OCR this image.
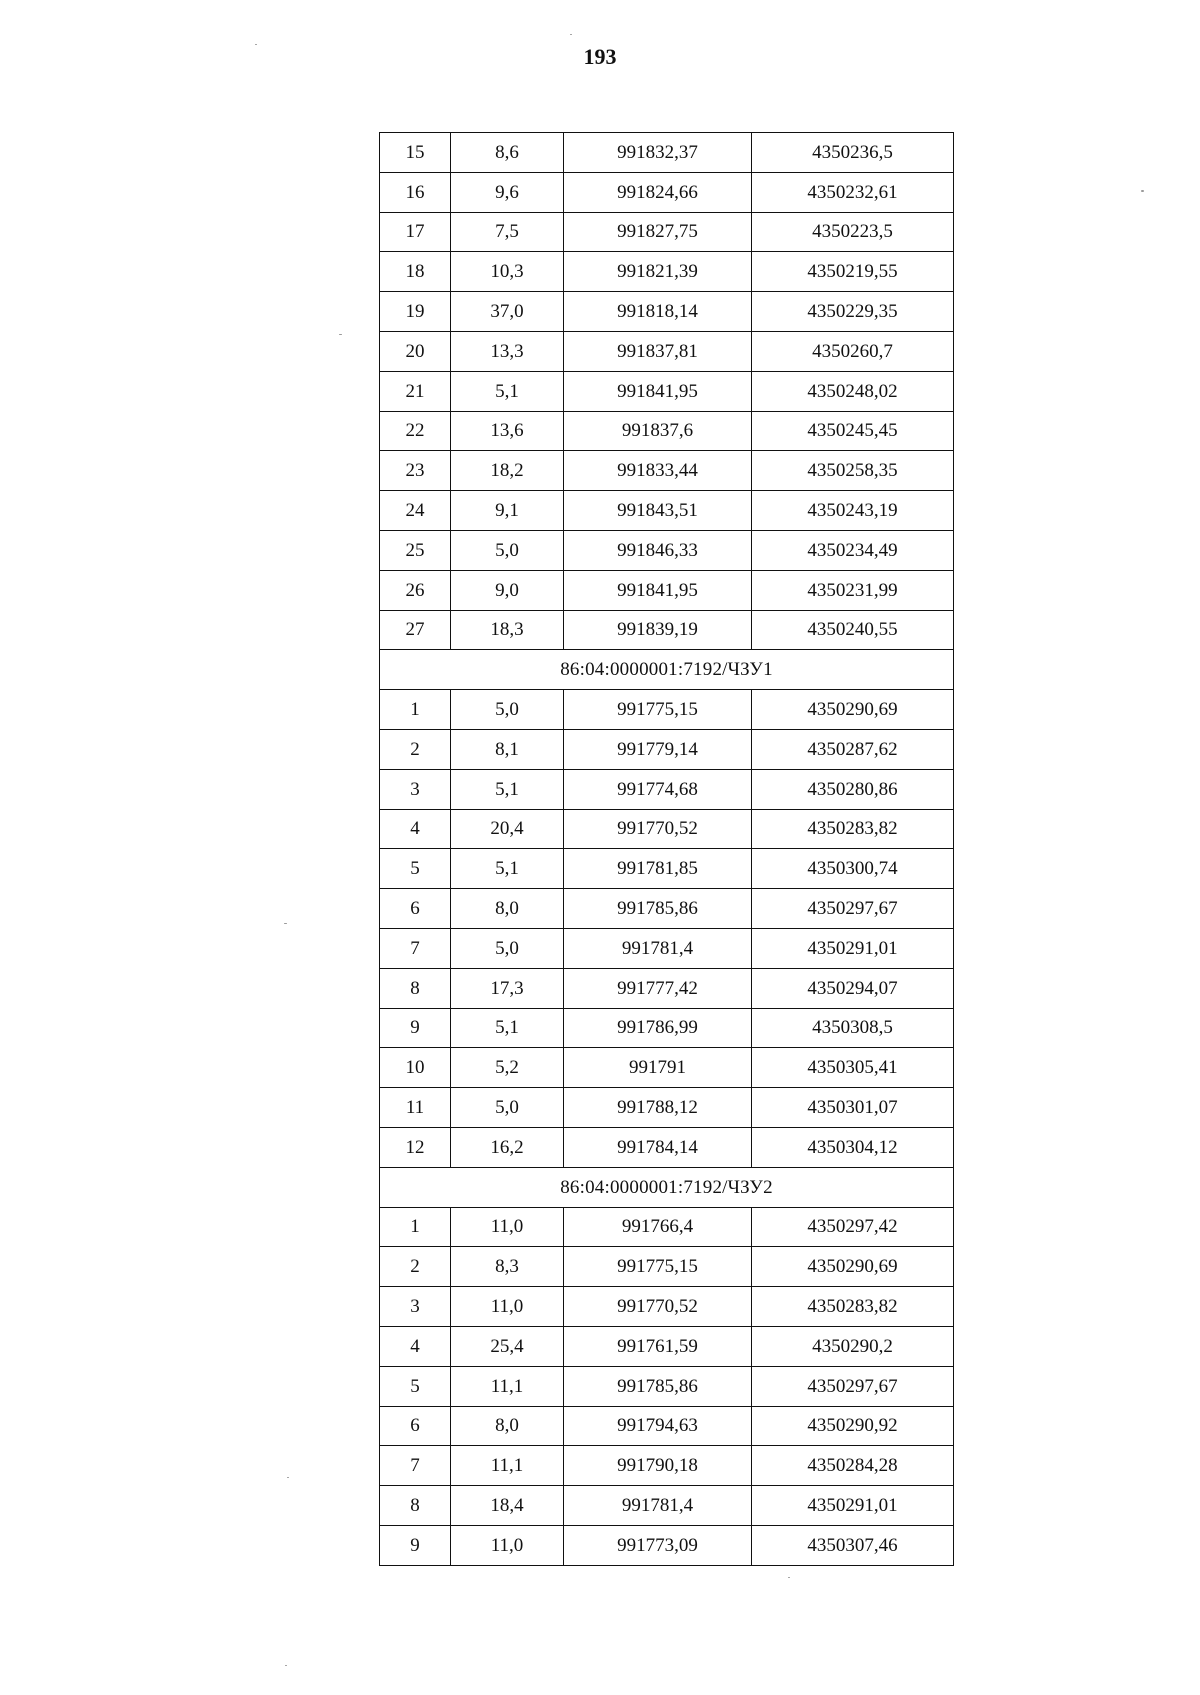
193
15	8,6	991832,37	4350236,5
16	9,6	991824,66	4350232,61
17	7,5	991827,75	4350223,5
18	10,3	991821,39	4350219,55
19	37,0	991818,14	4350229,35
20	13,3	991837,81	4350260,7
21	5,1	991841,95	4350248,02
22	13,6	991837,6	4350245,45
23	18,2	991833,44	4350258,35
24	9,1	991843,51	4350243,19
25	5,0	991846,33	4350234,49
26	9,0	991841,95	4350231,99
27	18,3	991839,19	4350240,55
86:04:0000001:7192/ЧЗУ1			
1	5,0	991775,15	4350290,69
2	8,1	991779,14	4350287,62
3	5,1	991774,68	4350280,86
4	20,4	991770,52	4350283,82
5	5,1	991781,85	4350300,74
6	8,0	991785,86	4350297,67
7	5,0	991781,4	4350291,01
8	17,3	991777,42	4350294,07
9	5,1	991786,99	4350308,5
10	5,2	991791	4350305,41
11	5,0	991788,12	4350301,07
12	16,2	991784,14	4350304,12
86:04:0000001:7192/ЧЗУ2			
1	11,0	991766,4	4350297,42
2	8,3	991775,15	4350290,69
3	11,0	991770,52	4350283,82
4	25,4	991761,59	4350290,2
5	11,1	991785,86	4350297,67
6	8,0	991794,63	4350290,92
7	11,1	991790,18	4350284,28
8	18,4	991781,4	4350291,01
9	11,0	991773,09	4350307,46
